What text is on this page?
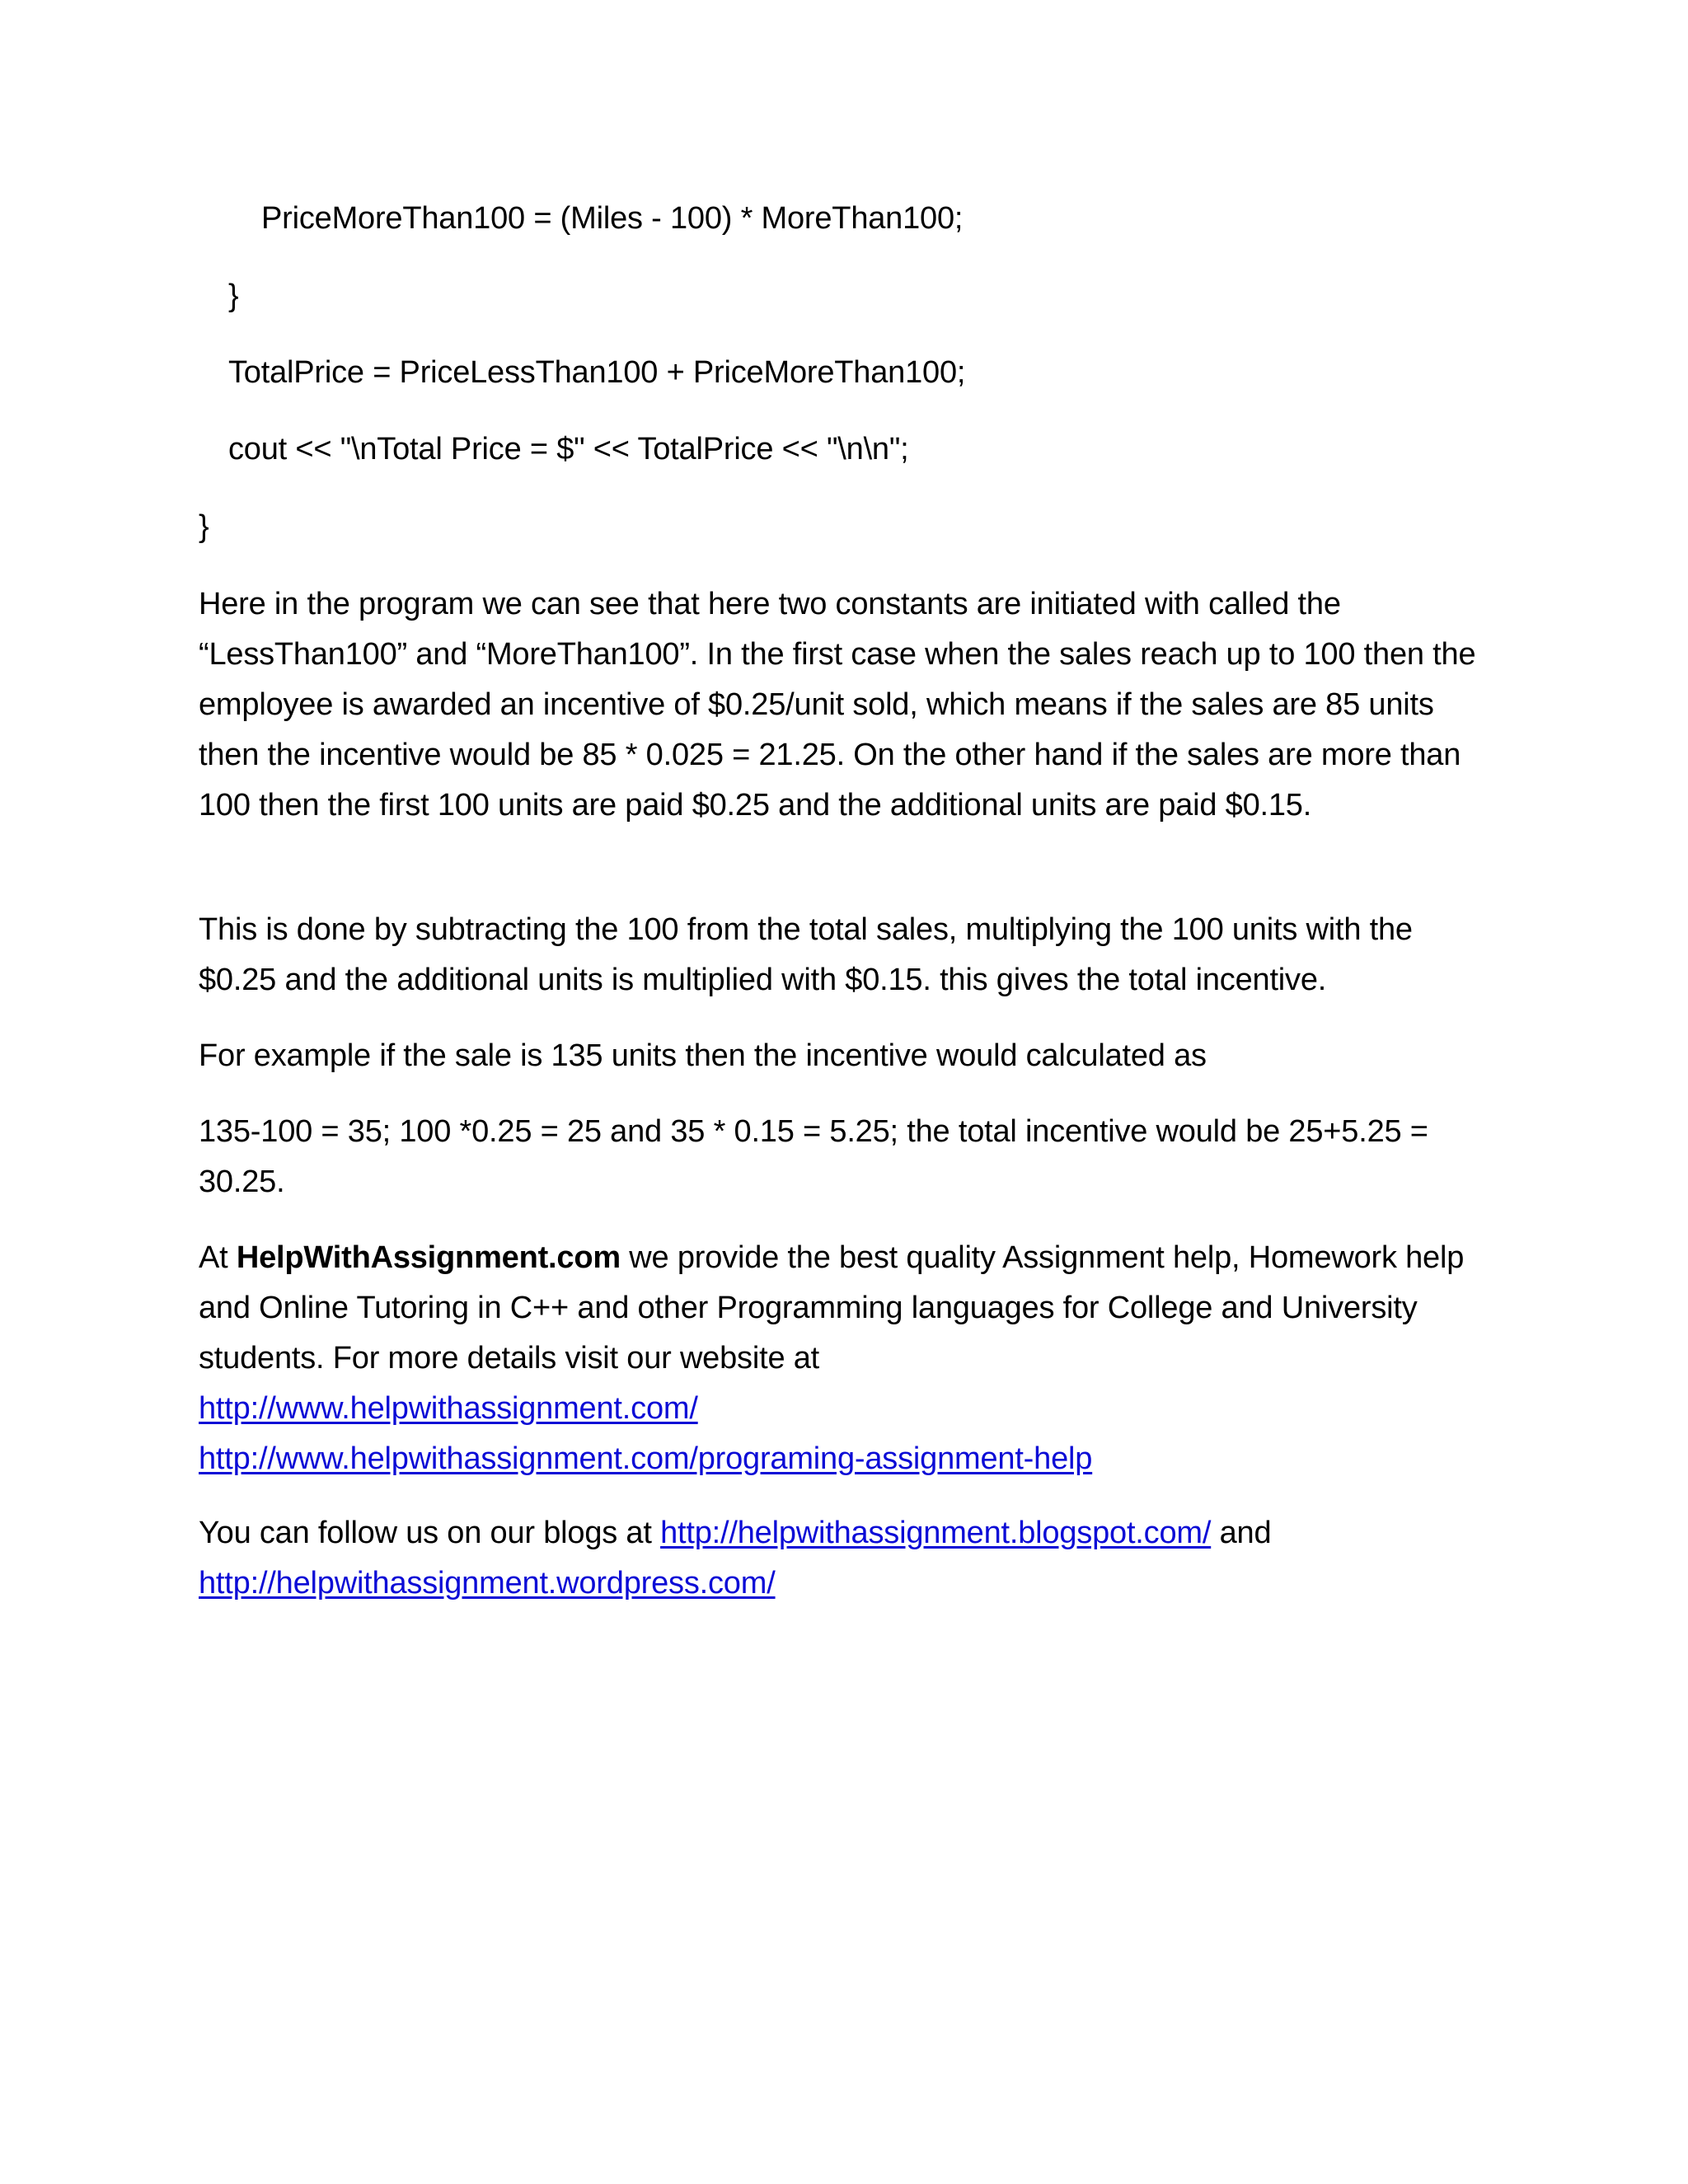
PriceMoreThan100 = (Miles - 100) * MoreThan100;
}
TotalPrice = PriceLessThan100 + PriceMoreThan100;
cout << "\nTotal Price = $" << TotalPrice << "\n\n";
}

Here in the program we can see that here two constants are initiated with called the “LessThan100” and “MoreThan100”. In the first case when the sales reach up to 100 then the employee is awarded an incentive of $0.25/unit sold, which means if the sales are 85 units then the incentive would be 85 * 0.025 = 21.25. On the other hand if the sales are more than 100 then the first 100 units are paid $0.25 and the additional units are paid $0.15.

This is done by subtracting the 100 from the total sales, multiplying the 100 units with the $0.25 and the additional units is multiplied with $0.15. this gives the total incentive.

For example if the sale is 135 units then the incentive would calculated as

135-100 = 35; 100 *0.25 = 25 and 35 * 0.15 = 5.25; the total incentive would be 25+5.25 = 30.25.

At HelpWithAssignment.com we provide the best quality Assignment help, Homework help and Online Tutoring in C++ and other Programming languages for College and University students. For more details visit our website at

http://www.helpwithassignment.com/

http://www.helpwithassignment.com/programing-assignment-help

You can follow us on our blogs at http://helpwithassignment.blogspot.com/ and

http://helpwithassignment.wordpress.com/
